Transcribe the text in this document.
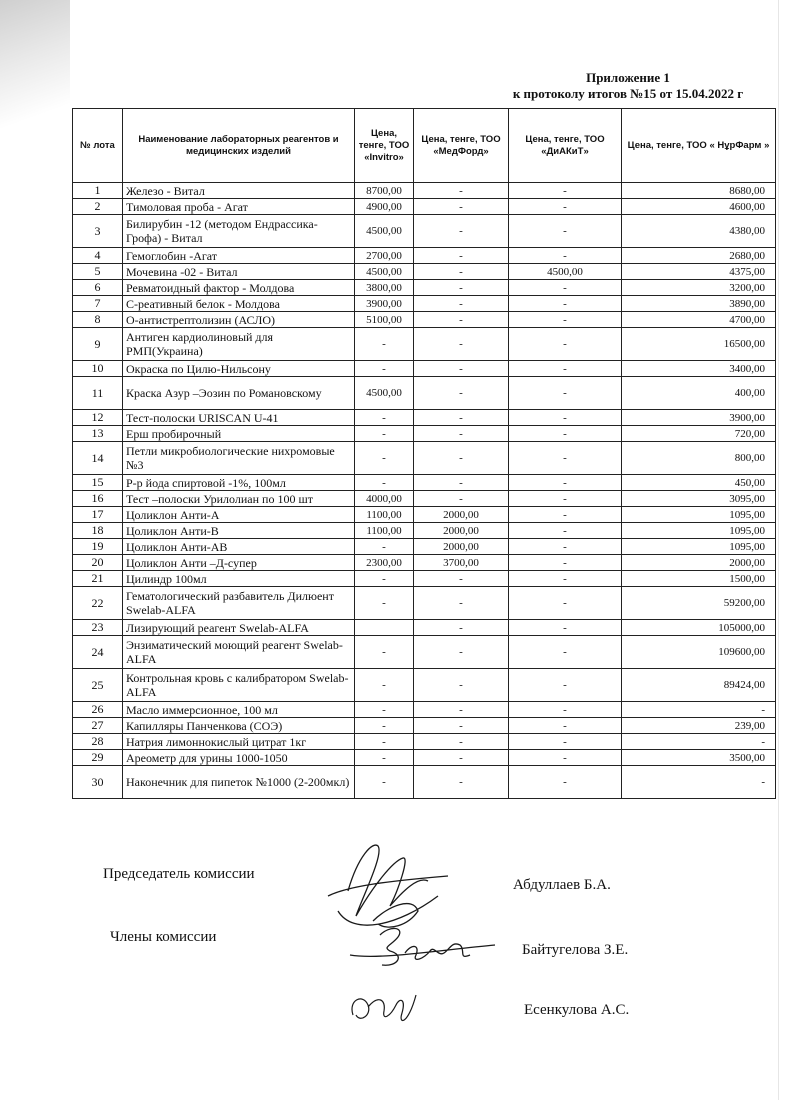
Приложение 1
к протоколу итогов №15 от 15.04.2022 г
№ лота	Наименование лабораторных реагентов и медицинских изделий	Цена, тенге, ТОО «Invitro»	Цена, тенге, ТОО «МедФорд»	Цена, тенге, ТОО «ДиАКиТ»	Цена, тенге, ТОО « НұрФарм »
1	Железо - Витал	8700,00	-	-	8680,00
2	Тимоловая проба - Агат	4900,00	-	-	4600,00
3	Билирубин -12 (методом Ендрассика-Грофа) - Витал	4500,00	-	-	4380,00
4	Гемоглобин -Агат	2700,00	-	-	2680,00
5	Мочевина -02 - Витал	4500,00	-	4500,00	4375,00
6	Ревматоидный фактор - Молдова	3800,00	-	-	3200,00
7	С-реативный белок - Молдова	3900,00	-	-	3890,00
8	О-антистрептолизин (АСЛО)	5100,00	-	-	4700,00
9	Антиген кардиолиновый для РМП(Украина)	-	-	-	16500,00
10	Окраска по Цилю-Нильсону	-	-	-	3400,00
11	Краска Азур –Эозин по Романовскому	4500,00	-	-	400,00
12	Тест-полоски URISCAN U-41	-	-	-	3900,00
13	Ерш пробирочный	-	-	-	720,00
14	Петли микробиологические нихромовые №3	-	-	-	800,00
15	Р-р йода спиртовой -1%, 100мл	-	-	-	450,00
16	Тест –полоски Урилолиан по 100 шт	4000,00	-	-	3095,00
17	Цоликлон Анти-А	1100,00	2000,00	-	1095,00
18	Цоликлон Анти-В	1100,00	2000,00	-	1095,00
19	Цоликлон Анти-АВ	-	2000,00	-	1095,00
20	Цоликлон Анти –Д-супер	2300,00	3700,00	-	2000,00
21	Цилиндр 100мл	-	-	-	1500,00
22	Гематологический разбавитель Дилюент Swelab-ALFA	-	-	-	59200,00
23	Лизирующий реагент Swelab-ALFA		-	-	105000,00
24	Энзиматический моющий реагент Swelab-ALFA	-	-	-	109600,00
25	Контрольная кровь с калибратором Swelab-ALFA	-	-	-	89424,00
26	Масло иммерсионное, 100 мл	-	-	-	-
27	Капилляры Панченкова (СОЭ)	-	-	-	239,00
28	Натрия лимоннокислый цитрат 1кг	-	-	-	-
29	Ареометр для урины 1000-1050	-	-	-	3500,00
30	Наконечник для пипеток №1000 (2-200мкл)	-	-	-	-
Председатель комиссии
Абдуллаев Б.А.
Члены комиссии
Байтугелова З.Е.
Есенкулова А.С.
